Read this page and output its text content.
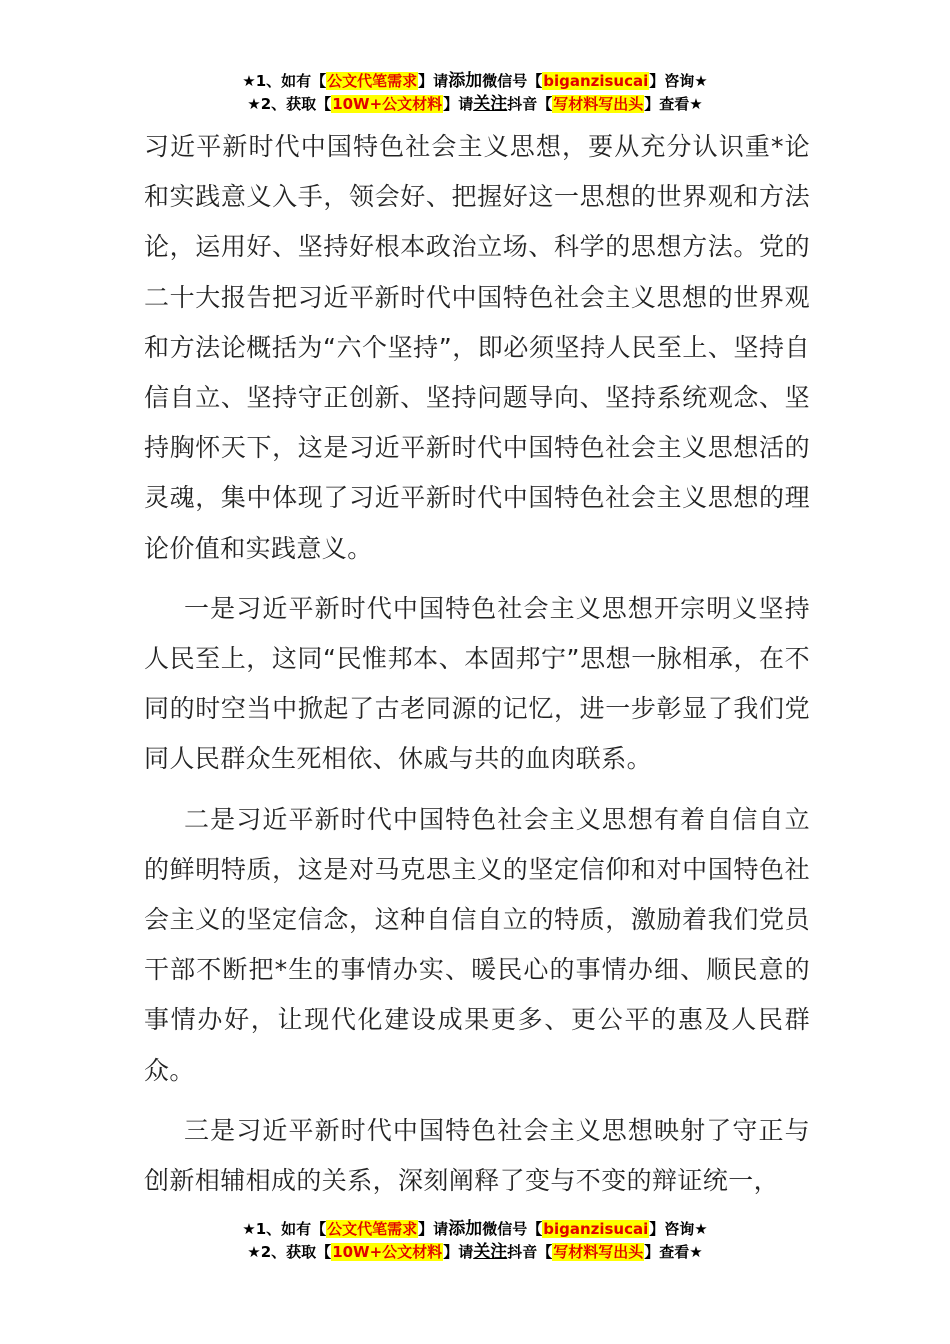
★1、如有【公文代笔需求】请添加微信号【biganzisucai】咨询★
★2、获取【10W+公文材料】请关注抖音【写材料写出头】查看★

习近平新时代中国特色社会主义思想，要从充分认识重*论和实践意义入手，领会好、把握好这一思想的世界观和方法论，运用好、坚持好根本政治立场、科学的思想方法。党的二十大报告把习近平新时代中国特色社会主义思想的世界观和方法论概括为“六个坚持”，即必须坚持人民至上、坚持自信自立、坚持守正创新、坚持问题导向、坚持系统观念、坚持胸怀天下，这是习近平新时代中国特色社会主义思想活的灵魂，集中体现了习近平新时代中国特色社会主义思想的理论价值和实践意义。

一是习近平新时代中国特色社会主义思想开宗明义坚持人民至上，这同“民惟邦本、本固邦宁”思想一脉相承，在不同的时空当中掀起了古老同源的记忆，进一步彰显了我们党同人民群众生死相依、休戚与共的血肉联系。

二是习近平新时代中国特色社会主义思想有着自信自立的鲜明特质，这是对马克思主义的坚定信仰和对中国特色社会主义的坚定信念，这种自信自立的特质，激励着我们党员干部不断把*生的事情办实、暖民心的事情办细、顺民意的事情办好，让现代化建设成果更多、更公平的惠及人民群众。

三是习近平新时代中国特色社会主义思想映射了守正与创新相辅相成的关系，深刻阐释了变与不变的辩证统一，

★1、如有【公文代笔需求】请添加微信号【biganzisucai】咨询★
★2、获取【10W+公文材料】请关注抖音【写材料写出头】查看★
